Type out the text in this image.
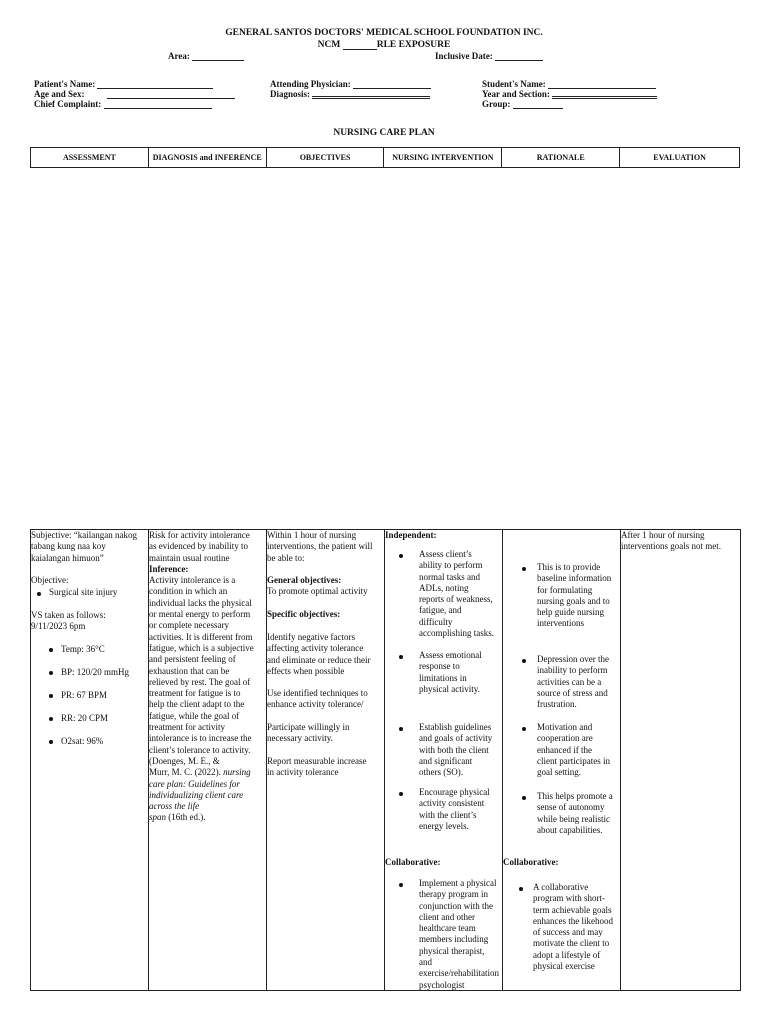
GENERAL SANTOS DOCTORS' MEDICAL SCHOOL FOUNDATION INC.
NCM	RLE EXPOSURE
Area:	Inclusive Date:
Patient's Name:
Age and Sex:
Chief Complaint:
Attending Physician:
Diagnosis:
Student's Name:
Year and Section:
Group:
NURSING CARE PLAN
ASSESSMENT	DIAGNOSIS and INFERENCE	OBJECTIVES	NURSING INTERVENTION	RATIONALE	EVALUATION
Subjective: “kailangan nakog
tabang kung naa koy
kaialangan himuon”
Objective:
Surgical site injury
VS taken as follows:
9/11/2023 6pm
Temp: 36°C
BP: 120/20 mmHg
PR: 67 BPM
RR: 20 CPM
O2sat: 96%

Risk for activity intolerance
as evidenced by inability to
maintain usual routine
Inference:
Activity intolerance is a
condition in which an
individual lacks the physical
or mental energy to perform
or complete necessary
activities. It is different from
fatigue, which is a subjective
and persistent feeling of
exhaustion that can be
relieved by rest. The goal of
treatment for fatigue is to
help the client adapt to the
fatigue, while the goal of
treatment for activity
intolerance is to increase the
client’s tolerance to activity.
(Doenges, M. E., &
Murr, M. C. (2022). nursing
care plan: Guidelines for
individualizing client care
across the life
span (16th ed.).

Within 1 hour of nursing
interventions, the patient will
be able to:
General objectives:
To promote optimal activity
Specific objectives:
Identify negative factors
affecting activity tolerance
and eliminate or reduce their
effects when possible
Use identified techniques to
enhance activity tolerance/
Participate willingly in
necessary activity.
Report measurable increase
in activity tolerance

Independent:
Assess client’s
ability to perform
normal tasks and
ADLs, noting
reports of weakness,
fatigue, and
difficulty
accomplishing tasks.
Assess emotional
response to
limitations in
physical activity.
Establish guidelines
and goals of activity
with both the client
and significant
others (SO).
Encourage physical
activity consistent
with the client’s
energy levels.
Collaborative:
Implement a physical
therapy program in
conjunction with the
client and other
healthcare team
members including
physical therapist,
and
exercise/rehabilitation
psychologist

This is to provide
baseline information
for formulating
nursing goals and to
help guide nursing
interventions
Depression over the
inability to perform
activities can be a
source of stress and
frustration.
Motivation and
cooperation are
enhanced if the
client participates in
goal setting.
This helps promote a
sense of autonomy
while being realistic
about capabilities.
Collaborative:
A collaborative
program with short-
term achievable goals
enhances the likehood
of success and may
motivate the client to
adopt a lifestyle of
physical exercise

After 1 hour of nursing
interventions goals not met.
